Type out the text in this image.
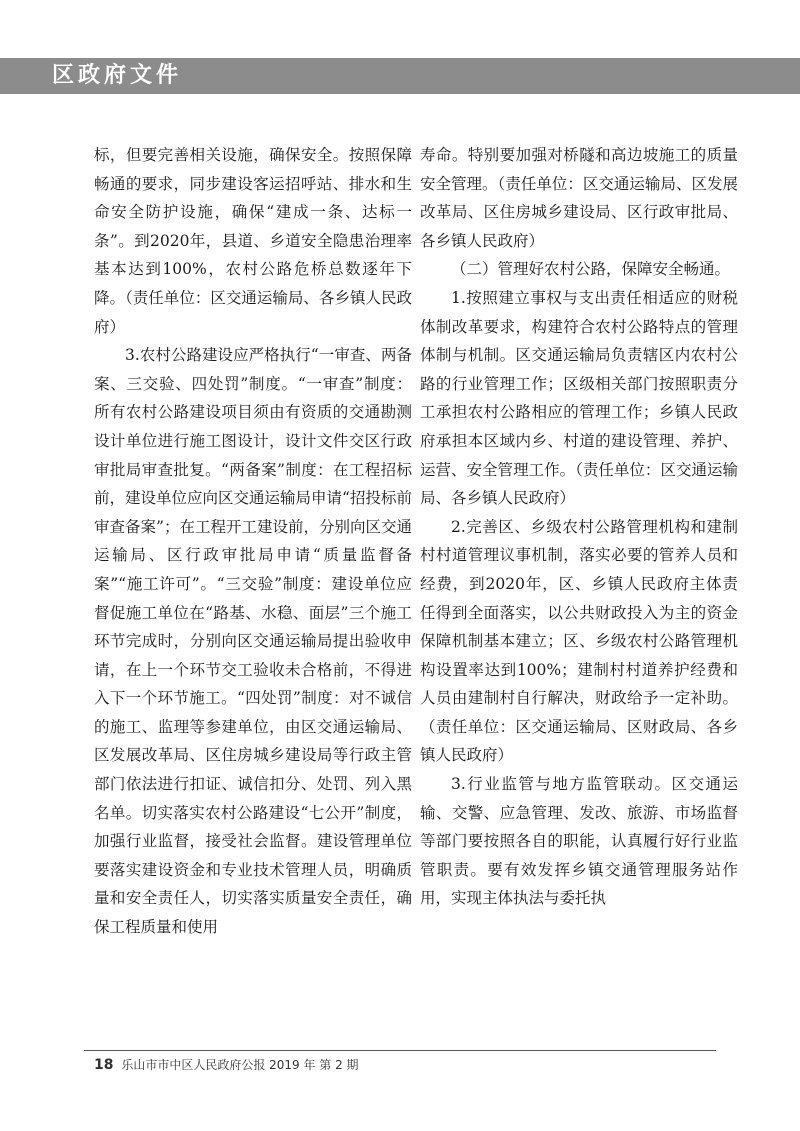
区政府文件

标，但要完善相关设施，确保安全。按照保障畅通的要求，同步建设客运招呼站、排水和生命安全防护设施，确保“建成一条、达标一条”。到2020年，县道、乡道安全隐患治理率基本达到100%，农村公路危桥总数逐年下降。（责任单位：区交通运输局、各乡镇人民政府）

3.农村公路建设应严格执行“一审查、两备案、三交验、四处罚”制度。“一审查”制度：所有农村公路建设项目须由有资质的交通勘测设计单位进行施工图设计，设计文件交区行政审批局审查批复。“两备案”制度：在工程招标前，建设单位应向区交通运输局申请“招投标前审查备案”；在工程开工建设前，分别向区交通运输局、区行政审批局申请“质量监督备案”“施工许可”。“三交验”制度：建设单位应督促施工单位在“路基、水稳、面层”三个施工环节完成时，分别向区交通运输局提出验收申请，在上一个环节交工验收未合格前，不得进入下一个环节施工。“四处罚”制度：对不诚信的施工、监理等参建单位，由区交通运输局、区发展改革局、区住房城乡建设局等行政主管部门依法进行扣证、诚信扣分、处罚、列入黑名单。切实落实农村公路建设“七公开”制度，加强行业监督，接受社会监督。建设管理单位要落实建设资金和专业技术管理人员，明确质量和安全责任人，切实落实质量安全责任，确保工程质量和使用

寿命。特别要加强对桥隧和高边坡施工的质量安全管理。（责任单位：区交通运输局、区发展改革局、区住房城乡建设局、区行政审批局、各乡镇人民政府）

（二）管理好农村公路，保障安全畅通。

1.按照建立事权与支出责任相适应的财税体制改革要求，构建符合农村公路特点的管理体制与机制。区交通运输局负责辖区内农村公路的行业管理工作；区级相关部门按照职责分工承担农村公路相应的管理工作；乡镇人民政府承担本区域内乡、村道的建设管理、养护、运营、安全管理工作。（责任单位：区交通运输局、各乡镇人民政府）

2.完善区、乡级农村公路管理机构和建制村村道管理议事机制，落实必要的管养人员和经费，到2020年，区、乡镇人民政府主体责任得到全面落实，以公共财政投入为主的资金保障机制基本建立；区、乡级农村公路管理机构设置率达到100%；建制村村道养护经费和人员由建制村自行解决，财政给予一定补助。（责任单位：区交通运输局、区财政局、各乡镇人民政府）

3.行业监管与地方监管联动。区交通运输、交警、应急管理、发改、旅游、市场监督等部门要按照各自的职能，认真履行好行业监管职责。要有效发挥乡镇交通管理服务站作用，实现主体执法与委托执

18 乐山市市中区人民政府公报 2019 年 第 2 期
